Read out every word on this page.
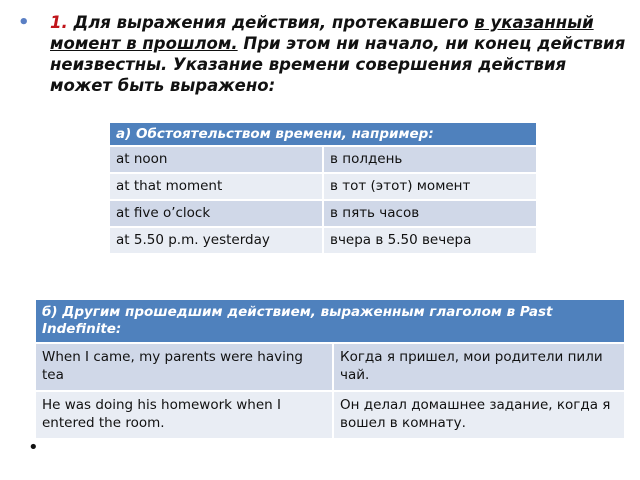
• 1. Для выражения действия, протекавшего в указанный момент в прошлом. При этом ни начало, ни конец действия неизвестны. Указание времени совершения действия может быть выражено:
а) Обстоятельством времени, например:	
at noon	в полдень
at that moment	в тот (этот) момент
at five o’clock	в пять часов
at 5.50 p.m. yesterday	вчера в 5.50 вечера
б) Другим прошедшим действием, выраженным глаголом в Past Indefinite:	
When I came, my parents were having tea	Когда я пришел, мои родители пили чай.
He was doing his homework when I entered the room.	Он делал домашнее задание, когда я вошел в комнату.
•
